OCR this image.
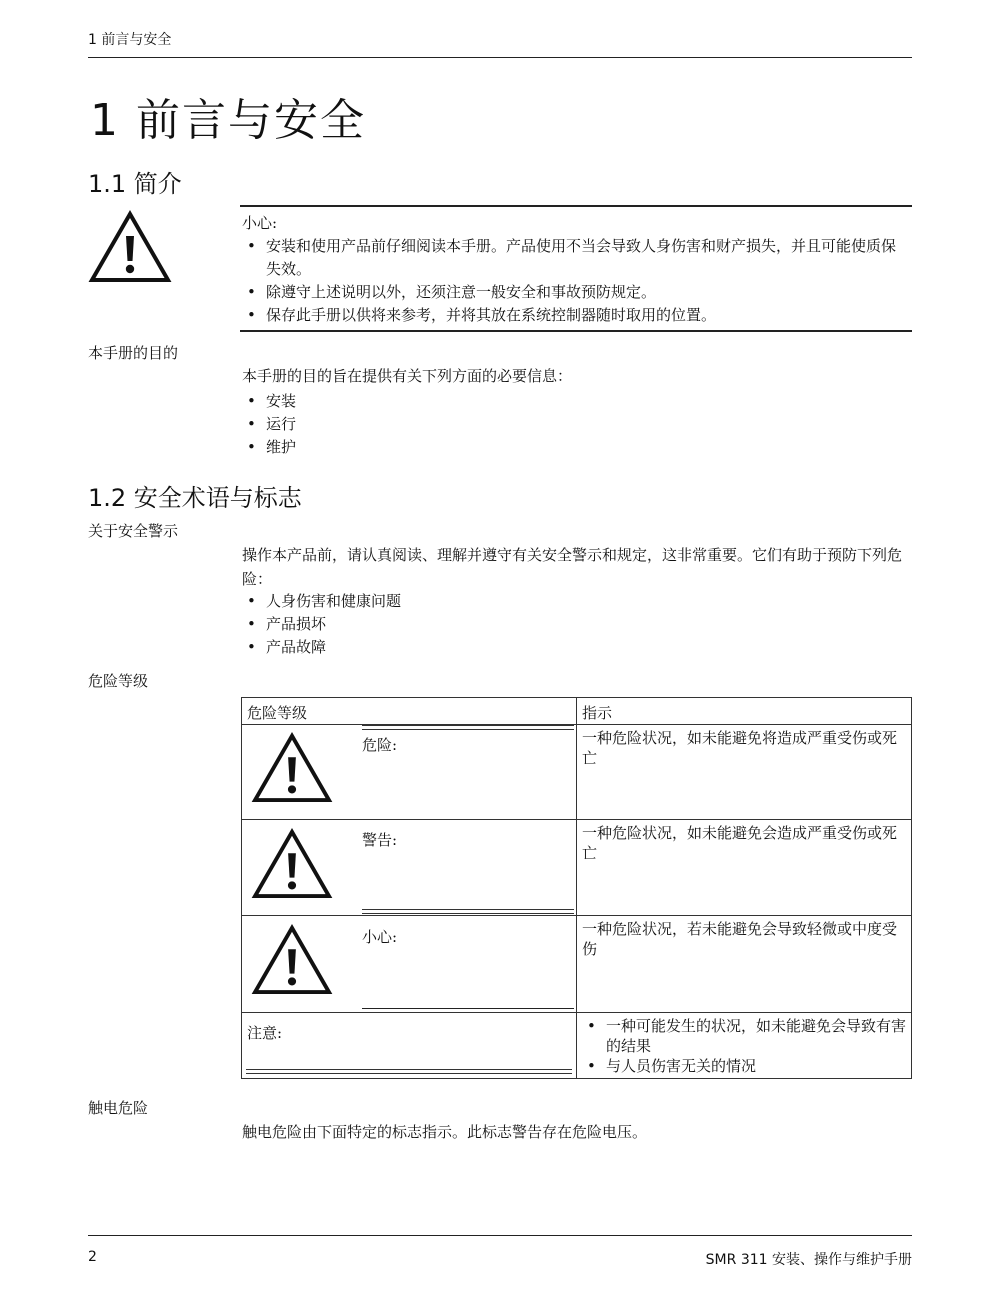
1 前言与安全
1 前言与安全
1.1 简介
小心:
• 安装和使用产品前仔细阅读本手册。产品使用不当会导致人身伤害和财产损失，并且可能使质保失效。
• 除遵守上述说明以外，还须注意一般安全和事故预防规定。
• 保存此手册以供将来参考，并将其放在系统控制器随时取用的位置。
本手册的目的
本手册的目的旨在提供有关下列方面的必要信息：
• 安装
• 运行
• 维护
1.2 安全术语与标志
关于安全警示
操作本产品前，请认真阅读、理解并遵守有关安全警示和规定，这非常重要。它们有助于预防下列危险：
• 人身伤害和健康问题
• 产品损坏
• 产品故障
危险等级
危险等级	指示
危险:	一种危险状况，如未能避免将造成严重受伤或死亡
警告:	一种危险状况，如未能避免会造成严重受伤或死亡
小心:	一种危险状况，若未能避免会导致轻微或中度受伤
注意:
•	一种可能发生的状况，如未能避免会导致有害的结果
• 与人员伤害无关的情况
触电危险
触电危险由下面特定的标志指示。此标志警告存在危险电压。
2	SMR 311 安装、操作与维护手册
